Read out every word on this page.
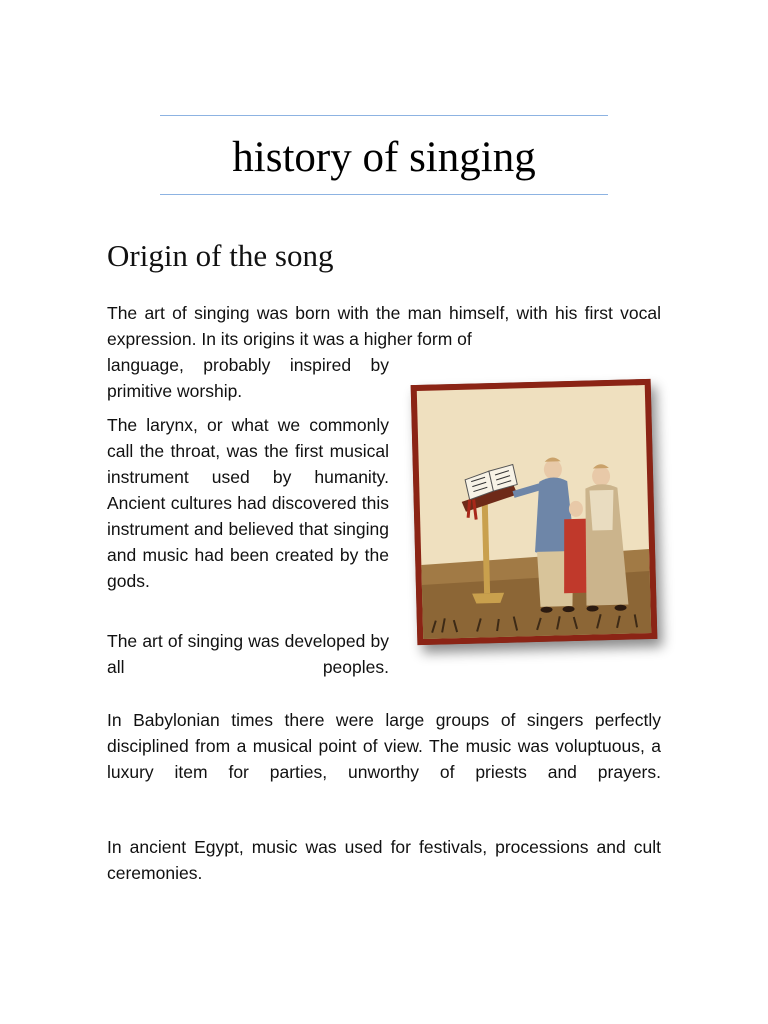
history of singing
Origin of the song

The art of singing was born with the man himself, with his first vocal expression. In its origins it was a higher form of

language, probably inspired by primitive worship.

The larynx, or what we commonly call the throat, was the first musical instrument used by humanity. Ancient cultures had discovered this instrument and believed that singing and music had been created by the gods.

The art of singing was developed by all peoples.

In Babylonian times there were large groups of singers perfectly disciplined from a musical point of view. The music was voluptuous, a luxury item for parties, unworthy of priests and prayers.

In ancient Egypt, music was used for festivals, processions and cult ceremonies.
